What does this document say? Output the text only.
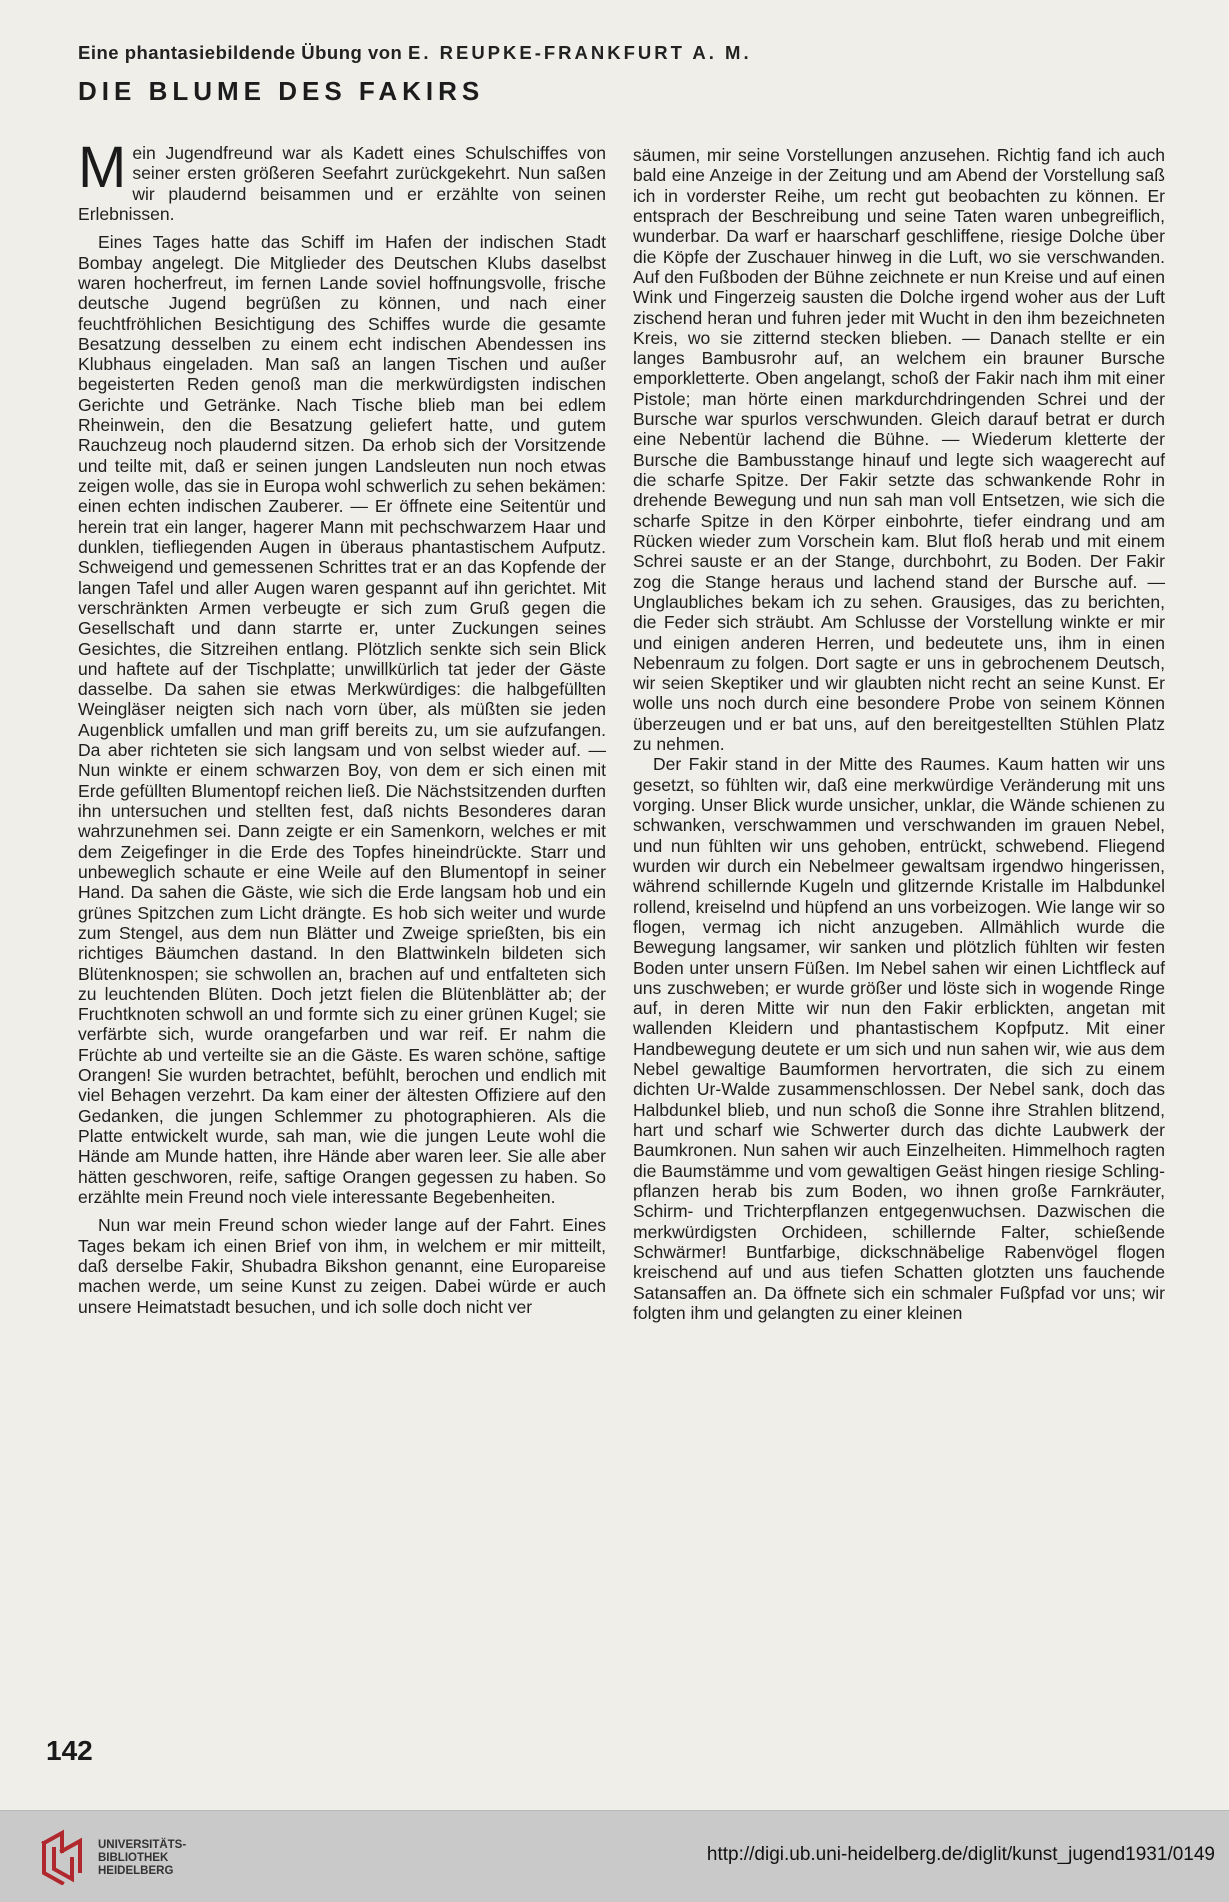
Eine phantasiebildende Übung von E. REUPKE-FRANKFURT A. M.
DIE BLUME DES FAKIRS

Mein Jugendfreund war als Kadett eines Schulschiffes von seiner ersten größeren Seefahrt zurückgekehrt. Nun saßen wir plaudernd beisammen und er erzählte von seinen Erlebnissen.

Eines Tages hatte das Schiff im Hafen der indischen Stadt Bombay angelegt. Die Mitglieder des Deutschen Klubs daselbst waren hocherfreut, im fernen Lande soviel hoffnungsvolle, frische deutsche Jugend begrüßen zu können, und nach einer feuchtfröhlichen Besichtigung des Schiffes wurde die gesamte Besatzung desselben zu einem echt indischen Abendessen ins Klubhaus eingeladen. Man saß an langen Tischen und außer begeisterten Reden genoß man die merkwürdigsten indischen Gerichte und Getränke. Nach Tische blieb man bei edlem Rheinwein, den die Besatzung geliefert hatte, und gutem Rauchzeug noch plaudernd sitzen. Da erhob sich der Vorsitzende und teilte mit, daß er seinen jungen Landsleuten nun noch etwas zeigen wolle, das sie in Europa wohl schwerlich zu sehen bekämen: einen echten indischen Zauberer. — Er öffnete eine Seitentür und herein trat ein langer, hagerer Mann mit pechschwarzem Haar und dunklen, tiefliegenden Augen in überaus phantastischem Aufputz. Schweigend und gemessenen Schrittes trat er an das Kopfende der langen Tafel und aller Augen waren gespannt auf ihn gerichtet. Mit verschränkten Armen verbeugte er sich zum Gruß gegen die Gesellschaft und dann starrte er, unter Zuckungen seines Gesichtes, die Sitzreihen entlang. Plötzlich senkte sich sein Blick und haftete auf der Tischplatte; unwillkürlich tat jeder der Gäste dasselbe. Da sahen sie etwas Merkwürdiges: die halbgefüllten Weingläser neigten sich nach vorn über, als müßten sie jeden Augenblick umfallen und man griff bereits zu, um sie aufzufangen. Da aber richteten sie sich langsam und von selbst wieder auf. — Nun winkte er einem schwarzen Boy, von dem er sich einen mit Erde gefüllten Blumentopf reichen ließ. Die Nächstsitzenden durften ihn untersuchen und stellten fest, daß nichts Besonderes daran wahrzunehmen sei. Dann zeigte er ein Samenkorn, welches er mit dem Zeigefinger in die Erde des Topfes hineindrückte. Starr und unbeweglich schaute er eine Weile auf den Blumentopf in seiner Hand. Da sahen die Gäste, wie sich die Erde langsam hob und ein grünes Spitzchen zum Licht drängte. Es hob sich weiter und wurde zum Stengel, aus dem nun Blätter und Zweige sprießten, bis ein richtiges Bäumchen dastand. In den Blattwinkeln bildeten sich Blütenknospen; sie schwollen an, brachen auf und entfalteten sich zu leuchtenden Blüten. Doch jetzt fielen die Blütenblätter ab; der Fruchtknoten schwoll an und formte sich zu einer grünen Kugel; sie verfärbte sich, wurde orangefarben und war reif. Er nahm die Früchte ab und verteilte sie an die Gäste. Es waren schöne, saftige Orangen! Sie wurden betrachtet, befühlt, berochen und endlich mit viel Behagen verzehrt. Da kam einer der ältesten Offiziere auf den Gedanken, die jungen Schlemmer zu photographieren. Als die Platte entwickelt wurde, sah man, wie die jungen Leute wohl die Hände am Munde hatten, ihre Hände aber waren leer. Sie alle aber hätten geschworen, reife, saftige Orangen gegessen zu haben. So erzählte mein Freund noch viele interessante Begebenheiten.

Nun war mein Freund schon wieder lange auf der Fahrt. Eines Tages bekam ich einen Brief von ihm, in welchem er mir mitteilt, daß derselbe Fakir, Shubadra Bikshon genannt, eine Europareise machen werde, um seine Kunst zu zeigen. Dabei würde er auch unsere Heimatstadt besuchen, und ich solle doch nicht ver

säumen, mir seine Vorstellungen anzusehen. Richtig fand ich auch bald eine Anzeige in der Zeitung und am Abend der Vorstellung saß ich in vorderster Reihe, um recht gut beobachten zu können. Er entsprach der Beschreibung und seine Taten waren unbegreiflich, wunderbar. Da warf er haarscharf geschliffene, riesige Dolche über die Köpfe der Zuschauer hinweg in die Luft, wo sie verschwanden. Auf den Fußboden der Bühne zeichnete er nun Kreise und auf einen Wink und Fingerzeig sausten die Dolche irgend woher aus der Luft zischend heran und fuhren jeder mit Wucht in den ihm bezeichneten Kreis, wo sie zitternd stecken blieben. — Danach stellte er ein langes Bambusrohr auf, an welchem ein brauner Bursche emporkletterte. Oben angelangt, schoß der Fakir nach ihm mit einer Pistole; man hörte einen markdurchdringenden Schrei und der Bursche war spurlos verschwunden. Gleich darauf betrat er durch eine Nebentür lachend die Bühne. — Wiederum kletterte der Bursche die Bambusstange hinauf und legte sich waagerecht auf die scharfe Spitze. Der Fakir setzte das schwankende Rohr in drehende Bewegung und nun sah man voll Entsetzen, wie sich die scharfe Spitze in den Körper einbohrte, tiefer eindrang und am Rücken wieder zum Vorschein kam. Blut floß herab und mit einem Schrei sauste er an der Stange, durchbohrt, zu Boden. Der Fakir zog die Stange heraus und lachend stand der Bursche auf. — Unglaubliches bekam ich zu sehen. Grausiges, das zu berichten, die Feder sich sträubt. Am Schlusse der Vorstellung winkte er mir und einigen anderen Herren, und bedeutete uns, ihm in einen Nebenraum zu folgen. Dort sagte er uns in gebrochenem Deutsch, wir seien Skeptiker und wir glaubten nicht recht an seine Kunst. Er wolle uns noch durch eine besondere Probe von seinem Können überzeugen und er bat uns, auf den bereitgestellten Stühlen Platz zu nehmen.

Der Fakir stand in der Mitte des Raumes. Kaum hatten wir uns gesetzt, so fühlten wir, daß eine merkwürdige Veränderung mit uns vorging. Unser Blick wurde unsicher, unklar, die Wände schienen zu schwanken, verschwammen und verschwanden im grauen Nebel, und nun fühlten wir uns gehoben, entrückt, schwebend. Fliegend wurden wir durch ein Nebelmeer gewaltsam irgendwo hingerissen, während schillernde Kugeln und glitzernde Kristalle im Halbdunkel rollend, kreiselnd und hüpfend an uns vorbeizogen. Wie lange wir so flogen, vermag ich nicht anzugeben. Allmählich wurde die Bewegung langsamer, wir sanken und plötzlich fühlten wir festen Boden unter unsern Füßen. Im Nebel sahen wir einen Lichtfleck auf uns zuschweben; er wurde größer und löste sich in wogende Ringe auf, in deren Mitte wir nun den Fakir erblickten, angetan mit wallenden Kleidern und phantastischem Kopfputz. Mit einer Handbewegung deutete er um sich und nun sahen wir, wie aus dem Nebel gewaltige Baumformen hervortraten, die sich zu einem dichten Ur-Walde zusammenschlossen. Der Nebel sank, doch das Halbdunkel blieb, und nun schoß die Sonne ihre Strahlen blitzend, hart und scharf wie Schwerter durch das dichte Laubwerk der Baumkronen. Nun sahen wir auch Einzelheiten. Himmelhoch ragten die Baumstämme und vom gewaltigen Geäst hingen riesige Schlingpflanzen herab bis zum Boden, wo ihnen große Farnkräuter, Schirm- und Trichterpflanzen entgegenwuchsen. Dazwischen die merkwürdigsten Orchideen, schillernde Falter, schießende Schwärmer! Buntfarbige, dickschnäbelige Rabenvögel flogen kreischend auf und aus tiefen Schatten glotzten uns fauchende Satansaffen an. Da öffnete sich ein schmaler Fußpfad vor uns; wir folgten ihm und gelangten zu einer kleinen

142
UNIVERSITÄTS-
BIBLIOTHEK
HEIDELBERG
http://digi.ub.uni-heidelberg.de/diglit/kunst_jugend1931/0149
